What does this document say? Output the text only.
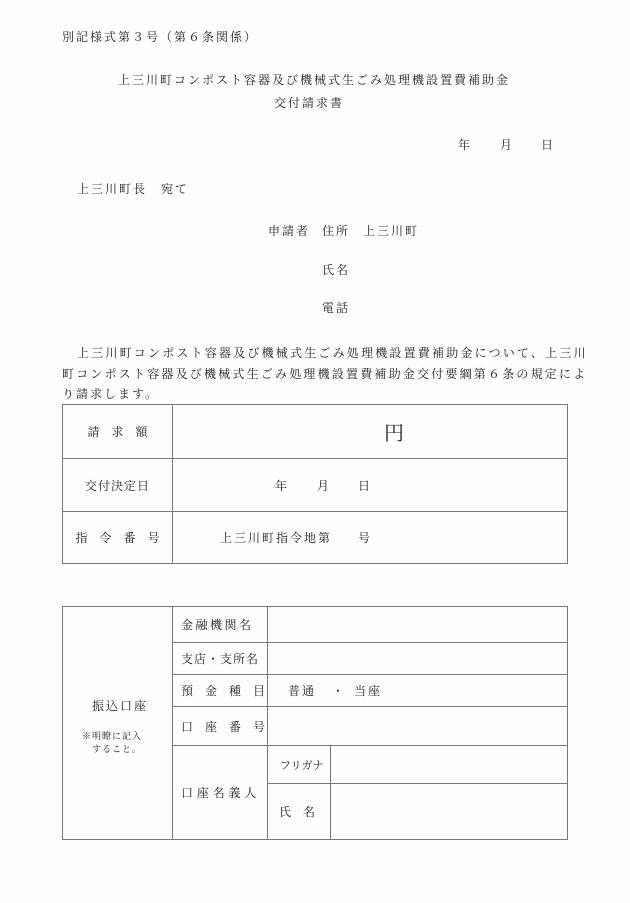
別記様式第３号（第６条関係）
上三川町コンポスト容器及び機械式生ごみ処理機設置費補助金
交付請求書
年 月 日
上三川町長　宛て
申請者 住所 上三川町
氏名
電話
上三川町コンポスト容器及び機械式生ごみ処理機設置費補助金について、上三川
町コンポスト容器及び機械式生ごみ処理機設置費補助金交付要綱第６条の規定によ
り請求します。
請　求　額	円
交付決定日	年 月 日
指　令　番　号	上三川町指令地第 号
振込口座
※明瞭に記入
すること。
金融機関名
支店・支所名
預　金　種　目 普通 ・ 当座
口　座　番　号
口 座 名 義 人
フリガナ
氏　名
